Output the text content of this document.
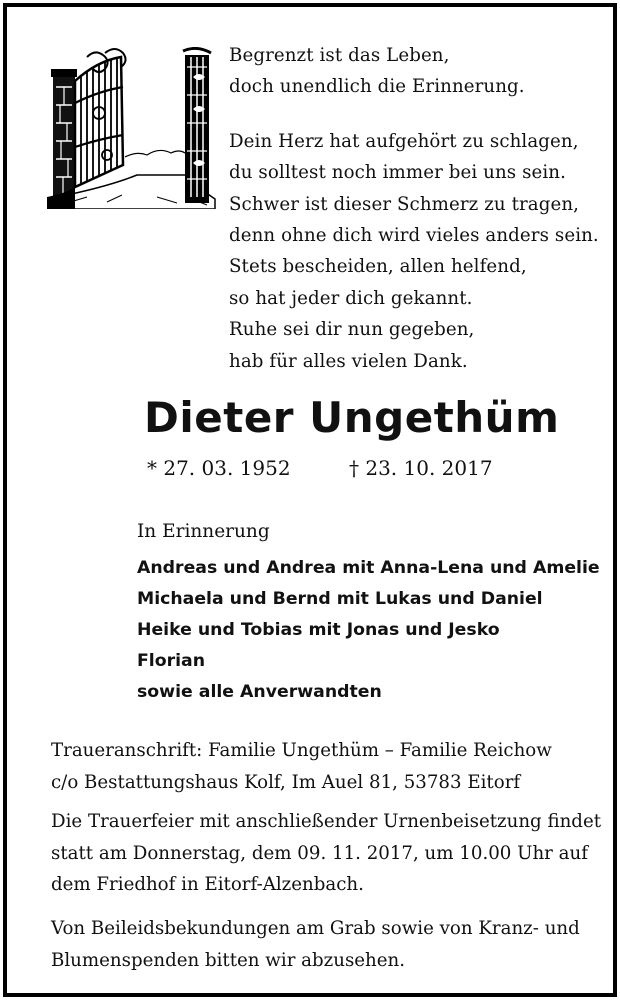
Begrenzt ist das Leben,
doch unendlich die Erinnerung.
Dein Herz hat aufgehört zu schlagen,
du solltest noch immer bei uns sein.
Schwer ist dieser Schmerz zu tragen,
denn ohne dich wird vieles anders sein.
Stets bescheiden, allen helfend,
so hat jeder dich gekannt.
Ruhe sei dir nun gegeben,
hab für alles vielen Dank.
Dieter Ungethüm
* 27. 03. 1952	† 23. 10. 2017
In Erinnerung
Andreas und Andrea mit Anna-Lena und Amelie
Michaela und Bernd mit Lukas und Daniel
Heike und Tobias mit Jonas und Jesko
Florian
sowie alle Anverwandten
Traueranschrift: Familie Ungethüm – Familie Reichow
c/o Bestattungshaus Kolf, Im Auel 81, 53783 Eitorf
Die Trauerfeier mit anschließender Urnenbeisetzung findet
statt am Donnerstag, dem 09. 11. 2017, um 10.00 Uhr auf
dem Friedhof in Eitorf-Alzenbach.
Von Beileidsbekundungen am Grab sowie von Kranz- und
Blumenspenden bitten wir abzusehen.
